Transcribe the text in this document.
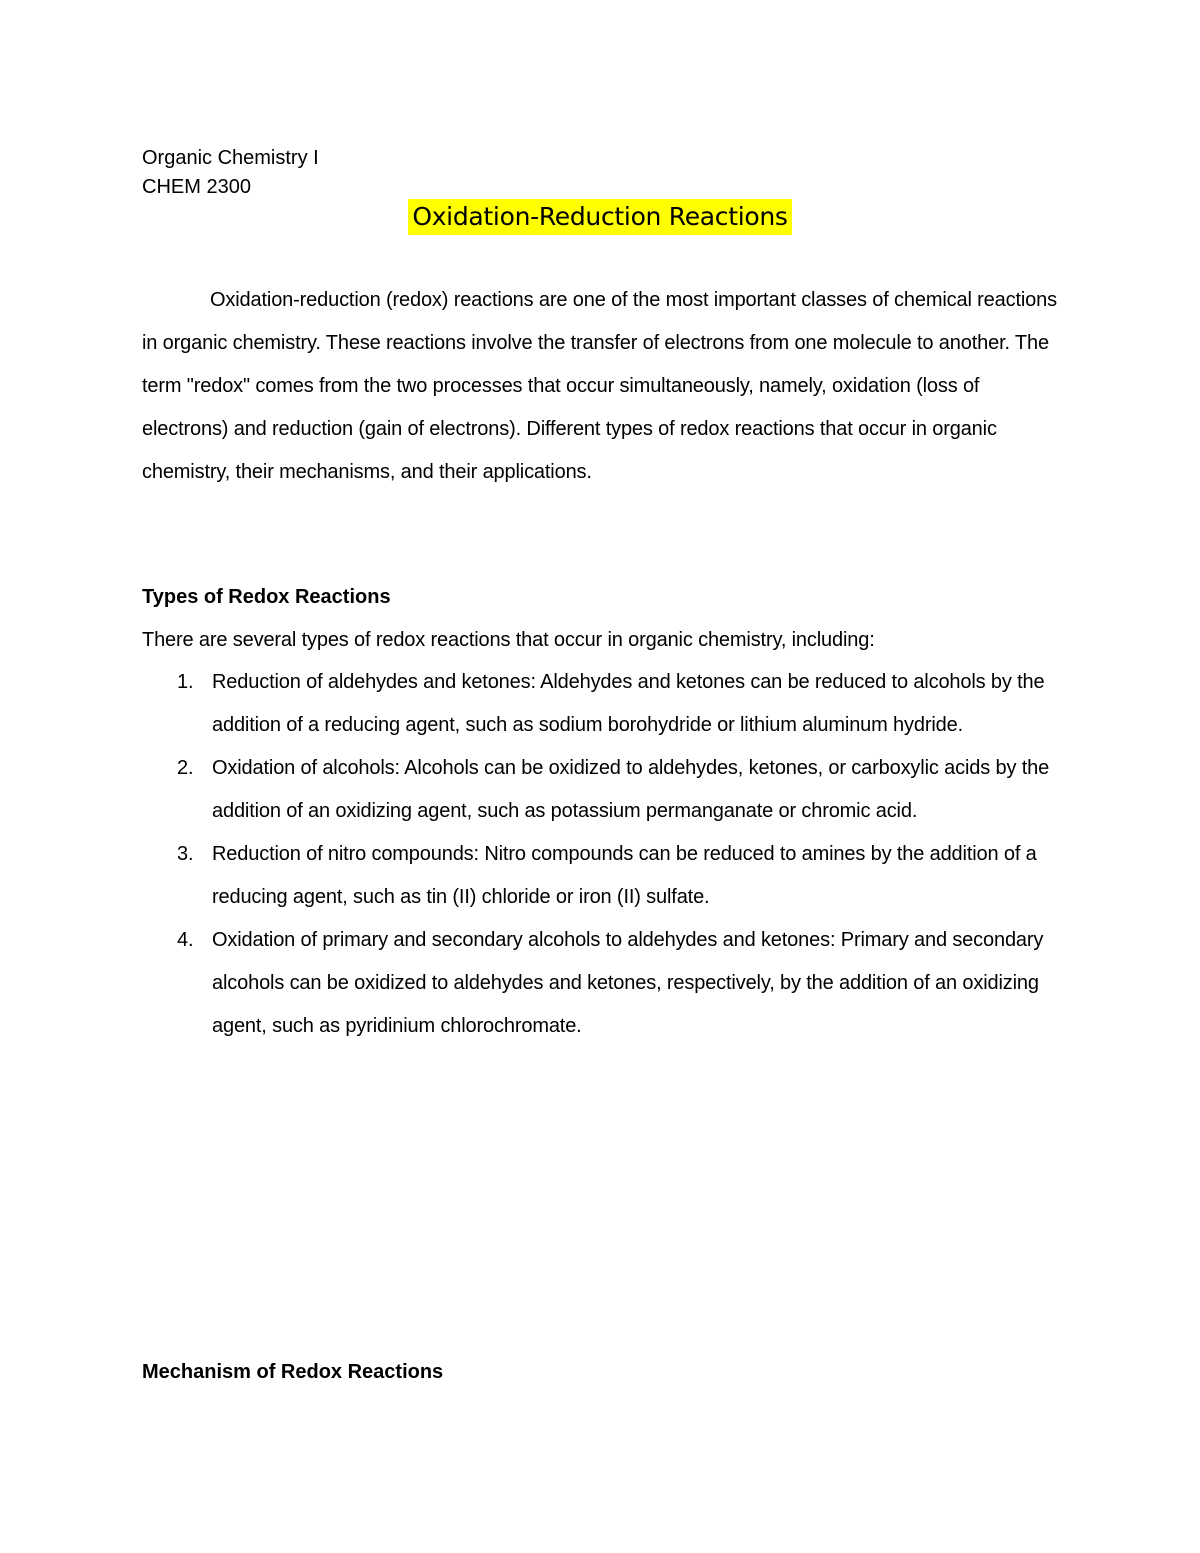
Organic Chemistry I
CHEM 2300
Oxidation-Reduction Reactions

Oxidation-reduction (redox) reactions are one of the most important classes of chemical reactions in organic chemistry. These reactions involve the transfer of electrons from one molecule to another. The term "redox" comes from the two processes that occur simultaneously, namely, oxidation (loss of electrons) and reduction (gain of electrons). Different types of redox reactions that occur in organic chemistry, their mechanisms, and their applications.

Types of Redox Reactions

There are several types of redox reactions that occur in organic chemistry, including:

1. Reduction of aldehydes and ketones: Aldehydes and ketones can be reduced to alcohols by the addition of a reducing agent, such as sodium borohydride or lithium aluminum hydride.
2. Oxidation of alcohols: Alcohols can be oxidized to aldehydes, ketones, or carboxylic acids by the addition of an oxidizing agent, such as potassium permanganate or chromic acid.
3. Reduction of nitro compounds: Nitro compounds can be reduced to amines by the addition of a reducing agent, such as tin (II) chloride or iron (II) sulfate.
4. Oxidation of primary and secondary alcohols to aldehydes and ketones: Primary and secondary alcohols can be oxidized to aldehydes and ketones, respectively, by the addition of an oxidizing agent, such as pyridinium chlorochromate.
Mechanism of Redox Reactions
